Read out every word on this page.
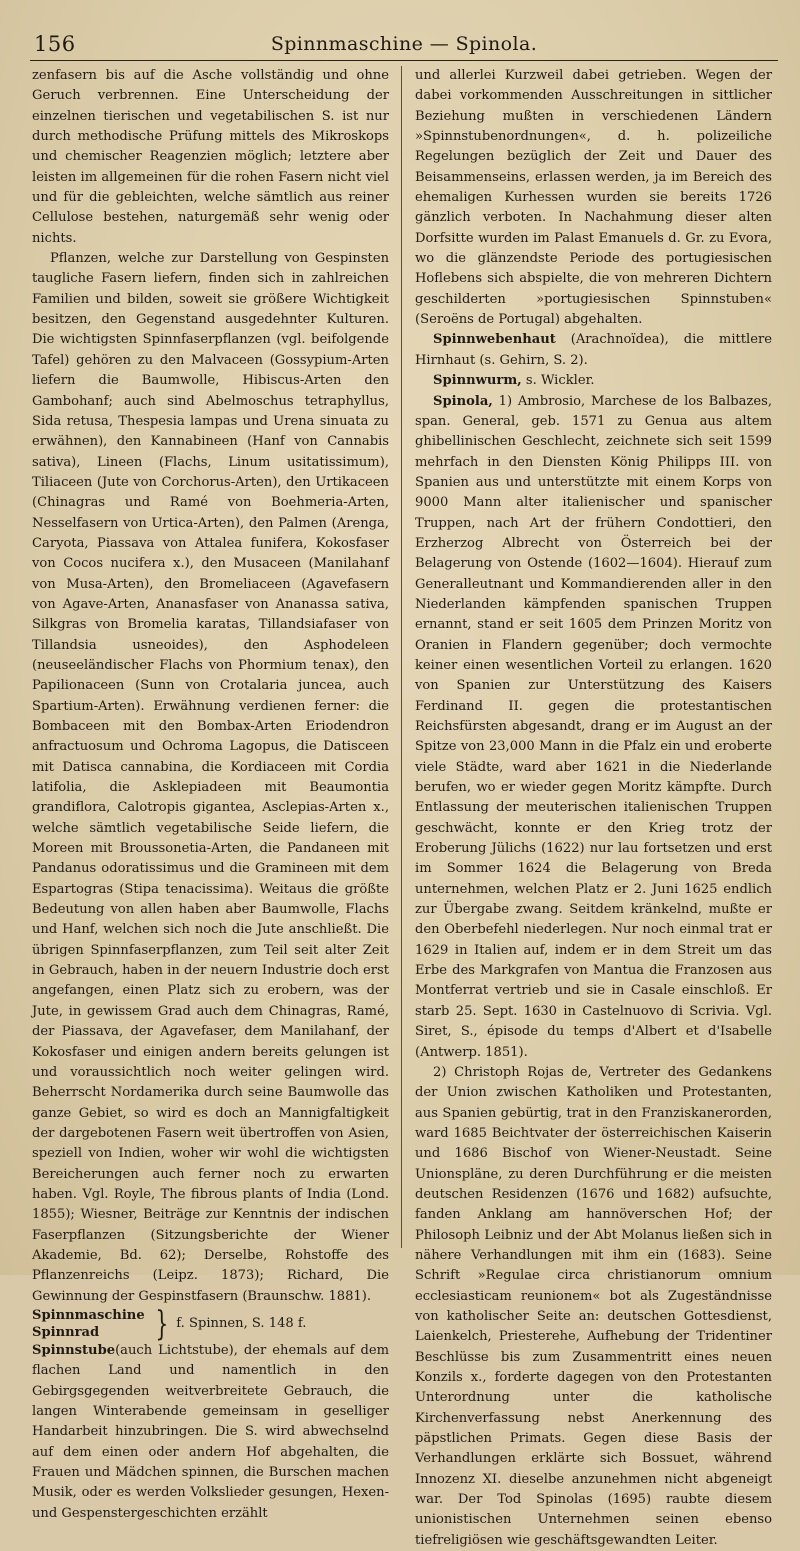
156	Spinnmaschine — Spinola.

zenfasern bis auf die Asche vollständig und ohne Geruch verbrennen. Eine Unterscheidung der einzelnen tierischen und vegetabilischen S. ist nur durch methodische Prüfung mittels des Mikroskops und chemischer Reagenzien möglich; letztere aber leisten im allgemeinen für die rohen Fasern nicht viel und für die gebleichten, welche sämtlich aus reiner Cellulose bestehen, naturgemäß sehr wenig oder nichts.

Pflanzen, welche zur Darstellung von Gespinsten taugliche Fasern liefern, finden sich in zahlreichen Familien und bilden, soweit sie größere Wichtigkeit besitzen, den Gegenstand ausgedehnter Kulturen. Die wichtigsten Spinnfaserpflanzen (vgl. beifolgende Tafel) gehören zu den Malvaceen (Gossypium-Arten liefern die Baumwolle, Hibiscus-Arten den Gambohanf; auch sind Abelmoschus tetraphyllus, Sida retusa, Thespesia lampas und Urena sinuata zu erwähnen), den Kannabineen (Hanf von Cannabis sativa), Lineen (Flachs, Linum usitatissimum), Tiliaceen (Jute von Corchorus-Arten), den Urtikaceen (Chinagras und Ramé von Boehmeria-Arten, Nesselfasern von Urtica-Arten), den Palmen (Arenga, Caryota, Piassava von Attalea funifera, Kokosfaser von Cocos nucifera x.), den Musaceen (Manilahanf von Musa-Arten), den Bromeliaceen (Agavefasern von Agave-Arten, Ananasfaser von Ananassa sativa, Silkgras von Bromelia karatas, Tillandsiafaser von Tillandsia usneoides), den Asphodeleen (neuseeländischer Flachs von Phormium tenax), den Papilionaceen (Sunn von Crotalaria juncea, auch Spartium-Arten). Erwähnung verdienen ferner: die Bombaceen mit den Bombax-Arten Eriodendron anfractuosum und Ochroma Lagopus, die Datisceen mit Datisca cannabina, die Kordiaceen mit Cordia latifolia, die Asklepiadeen mit Beaumontia grandiflora, Calotropis gigantea, Asclepias-Arten x., welche sämtlich vegetabilische Seide liefern, die Moreen mit Broussonetia-Arten, die Pandaneen mit Pandanus odoratissimus und die Gramineen mit dem Espartogras (Stipa tenacissima). Weitaus die größte Bedeutung von allen haben aber Baumwolle, Flachs und Hanf, welchen sich noch die Jute anschließt. Die übrigen Spinnfaserpflanzen, zum Teil seit alter Zeit in Gebrauch, haben in der neuern Industrie doch erst angefangen, einen Platz sich zu erobern, was der Jute, in gewissem Grad auch dem Chinagras, Ramé, der Piassava, der Agavefaser, dem Manilahanf, der Kokosfaser und einigen andern bereits gelungen ist und voraussichtlich noch weiter gelingen wird. Beherrscht Nordamerika durch seine Baumwolle das ganze Gebiet, so wird es doch an Mannigfaltigkeit der dargebotenen Fasern weit übertroffen von Asien, speziell von Indien, woher wir wohl die wichtigsten Bereicherungen auch ferner noch zu erwarten haben. Vgl. Royle, The fibrous plants of India (Lond. 1855); Wiesner, Beiträge zur Kenntnis der indischen Faserpflanzen (Sitzungsberichte der Wiener Akademie, Bd. 62); Derselbe, Rohstoffe des Pflanzenreichs (Leipz. 1873); Richard, Die Gewinnung der Gespinstfasern (Braunschw. 1881).

Spinnmaschine
Spinnrad	} f. Spinnen, S. 148 f.

Spinnstube(auch Lichtstube), der ehemals auf dem flachen Land und namentlich in den Gebirgsgegenden weitverbreitete Gebrauch, die langen Winterabende gemeinsam in geselliger Handarbeit hinzubringen. Die S. wird abwechselnd auf dem einen oder andern Hof abgehalten, die Frauen und Mädchen spinnen, die Burschen machen Musik, oder es werden Volkslieder gesungen, Hexen- und Gespenstergeschichten erzählt

und allerlei Kurzweil dabei getrieben. Wegen der dabei vorkommenden Ausschreitungen in sittlicher Beziehung mußten in verschiedenen Ländern »Spinnstubenordnungen«, d. h. polizeiliche Regelungen bezüglich der Zeit und Dauer des Beisammenseins, erlassen werden, ja im Bereich des ehemaligen Kurhessen wurden sie bereits 1726 gänzlich verboten. In Nachahmung dieser alten Dorfsitte wurden im Palast Emanuels d. Gr. zu Evora, wo die glänzendste Periode des portugiesischen Hoflebens sich abspielte, die von mehreren Dichtern geschilderten »portugiesischen Spinnstuben« (Seroëns de Portugal) abgehalten.

Spinnwebenhaut (Arachnoïdea), die mittlere Hirnhaut (s. Gehirn, S. 2).

Spinnwurm, s. Wickler.

Spinola, 1) Ambrosio, Marchese de los Balbazes, span. General, geb. 1571 zu Genua aus altem ghibellinischen Geschlecht, zeichnete sich seit 1599 mehrfach in den Diensten König Philipps III. von Spanien aus und unterstützte mit einem Korps von 9000 Mann alter italienischer und spanischer Truppen, nach Art der frühern Condottieri, den Erzherzog Albrecht von Österreich bei der Belagerung von Ostende (1602—1604). Hierauf zum Generalleutnant und Kommandierenden aller in den Niederlanden kämpfenden spanischen Truppen ernannt, stand er seit 1605 dem Prinzen Moritz von Oranien in Flandern gegenüber; doch vermochte keiner einen wesentlichen Vorteil zu erlangen. 1620 von Spanien zur Unterstützung des Kaisers Ferdinand II. gegen die protestantischen Reichsfürsten abgesandt, drang er im August an der Spitze von 23,000 Mann in die Pfalz ein und eroberte viele Städte, ward aber 1621 in die Niederlande berufen, wo er wieder gegen Moritz kämpfte. Durch Entlassung der meuterischen italienischen Truppen geschwächt, konnte er den Krieg trotz der Eroberung Jülichs (1622) nur lau fortsetzen und erst im Sommer 1624 die Belagerung von Breda unternehmen, welchen Platz er 2. Juni 1625 endlich zur Übergabe zwang. Seitdem kränkelnd, mußte er den Oberbefehl niederlegen. Nur noch einmal trat er 1629 in Italien auf, indem er in dem Streit um das Erbe des Markgrafen von Mantua die Franzosen aus Montferrat vertrieb und sie in Casale einschloß. Er starb 25. Sept. 1630 in Castelnuovo di Scrivia. Vgl. Siret, S., épisode du temps d'Albert et d'Isabelle (Antwerp. 1851).

2) Christoph Rojas de, Vertreter des Gedankens der Union zwischen Katholiken und Protestanten, aus Spanien gebürtig, trat in den Franziskanerorden, ward 1685 Beichtvater der österreichischen Kaiserin und 1686 Bischof von Wiener-Neustadt. Seine Unionspläne, zu deren Durchführung er die meisten deutschen Residenzen (1676 und 1682) aufsuchte, fanden Anklang am hannöverschen Hof; der Philosoph Leibniz und der Abt Molanus ließen sich in nähere Verhandlungen mit ihm ein (1683). Seine Schrift »Regulae circa christianorum omnium ecclesiasticam reunionem« bot als Zugeständnisse von katholischer Seite an: deutschen Gottesdienst, Laienkelch, Priesterehe, Aufhebung der Tridentiner Beschlüsse bis zum Zusammentritt eines neuen Konzils x., forderte dagegen von den Protestanten Unterordnung unter die katholische Kirchenverfassung nebst Anerkennung des päpstlichen Primats. Gegen diese Basis der Verhandlungen erklärte sich Bossuet, während Innozenz XI. dieselbe anzunehmen nicht abgeneigt war. Der Tod Spinolas (1695) raubte diesem unionistischen Unternehmen seinen ebenso tiefreligiösen wie geschäftsgewandten Leiter.
